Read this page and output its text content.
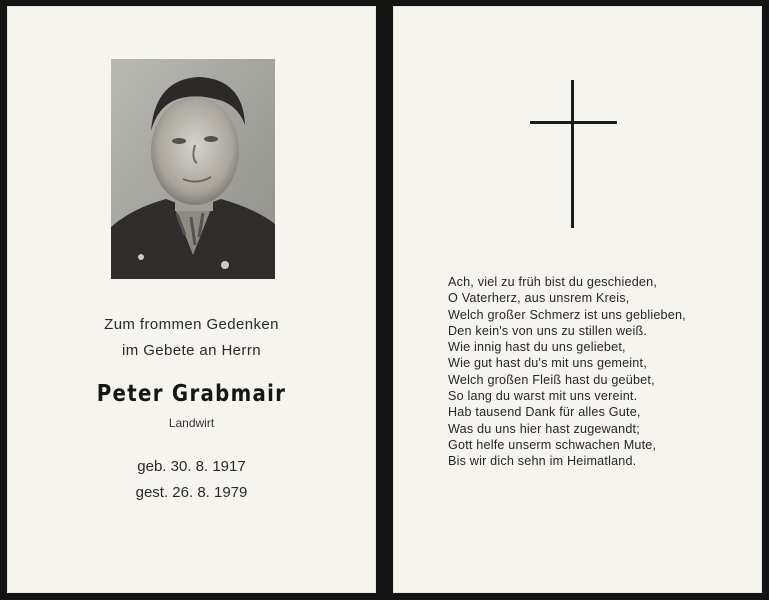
Zum frommen Gedenken
im Gebete an Herrn
Peter Grabmair
Landwirt
geb. 30. 8. 1917
gest. 26. 8. 1979
Ach, viel zu früh bist du geschieden,
O Vaterherz, aus unsrem Kreis,
Welch großer Schmerz ist uns geblieben,
Den kein's von uns zu stillen weiß.
Wie innig hast du uns geliebet,
Wie gut hast du's mit uns gemeint,
Welch großen Fleiß hast du geübet,
So lang du warst mit uns vereint.
Hab tausend Dank für alles Gute,
Was du uns hier hast zugewandt;
Gott helfe unserm schwachen Mute,
Bis wir dich sehn im Heimatland.
